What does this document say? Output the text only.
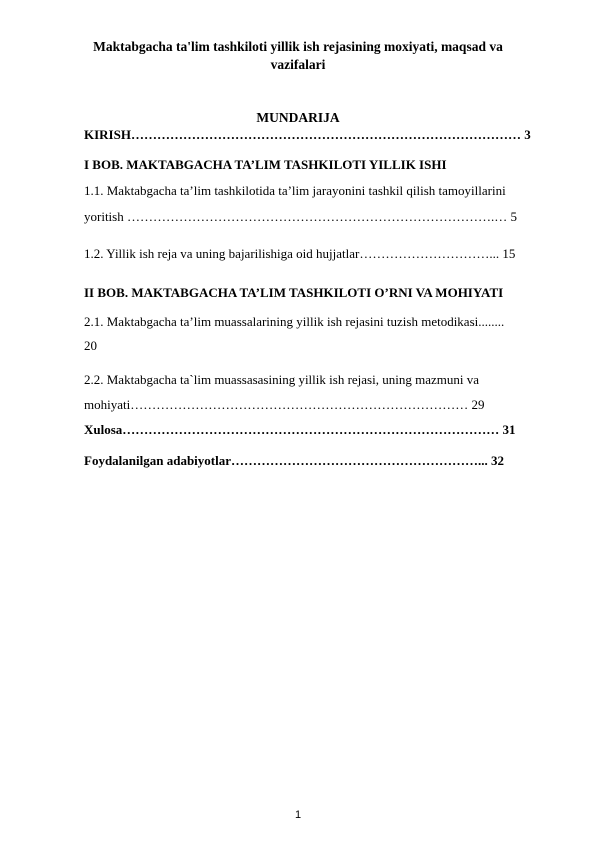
Maktabgacha ta'lim tashkiloti yillik ish rejasining moxiyati, maqsad va vazifalari
MUNDARIJA
KIRISH……………………………………………………………………………… 3
I BOB. MAKTABGACHA TA’LIM TASHKILOTI YILLIK ISHI
1.1. Maktabgacha ta’lim tashkilotida ta’lim jarayonini tashkil qilish tamoyillarini
yoritish ………………………………………………………………………….… 5
1.2. Yillik ish reja va uning bajarilishiga oid hujjatlar…………………………... 15
II BOB. MAKTABGACHA TA’LIM TASHKILOTI O’RNI VA MOHIYATI
2.1. Maktabgacha ta’lim muassalarining yillik ish rejasini tuzish metodikasi........
20
2.2. Maktabgacha ta`lim muassasasining yillik ish rejasi, uning mazmuni va
mohiyati…………………………………………………………………… 29
Xulosa…………………………………………………………………………… 31
Foydalanilgan adabiyotlar…………………………………………………... 32
1
